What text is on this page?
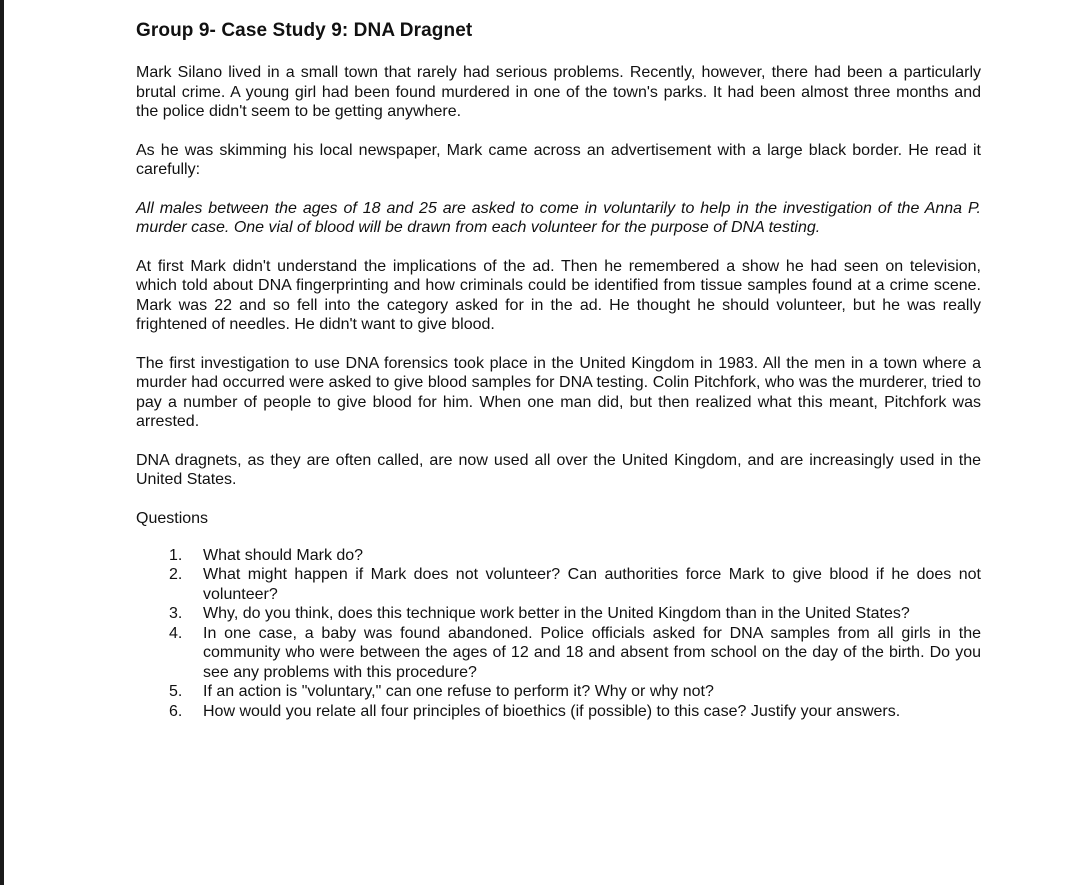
Group 9- Case Study 9: DNA Dragnet

Mark Silano lived in a small town that rarely had serious problems. Recently, however, there had been a particularly brutal crime. A young girl had been found murdered in one of the town's parks. It had been almost three months and the police didn't seem to be getting anywhere.

As he was skimming his local newspaper, Mark came across an advertisement with a large black border. He read it carefully:

All males between the ages of 18 and 25 are asked to come in voluntarily to help in the investigation of the Anna P. murder case. One vial of blood will be drawn from each volunteer for the purpose of DNA testing.

At first Mark didn't understand the implications of the ad. Then he remembered a show he had seen on television, which told about DNA fingerprinting and how criminals could be identified from tissue samples found at a crime scene. Mark was 22 and so fell into the category asked for in the ad. He thought he should volunteer, but he was really frightened of needles. He didn't want to give blood.

The first investigation to use DNA forensics took place in the United Kingdom in 1983. All the men in a town where a murder had occurred were asked to give blood samples for DNA testing. Colin Pitchfork, who was the murderer, tried to pay a number of people to give blood for him. When one man did, but then realized what this meant, Pitchfork was arrested.

DNA dragnets, as they are often called, are now used all over the United Kingdom, and are increasingly used in the United States.

Questions
1. What should Mark do?
2. What might happen if Mark does not volunteer? Can authorities force Mark to give blood if he does not volunteer?
3. Why, do you think, does this technique work better in the United Kingdom than in the United States?
4. In one case, a baby was found abandoned. Police officials asked for DNA samples from all girls in the community who were between the ages of 12 and 18 and absent from school on the day of the birth. Do you see any problems with this procedure?
5. If an action is "voluntary," can one refuse to perform it? Why or why not?
6. How would you relate all four principles of bioethics (if possible) to this case? Justify your answers.
